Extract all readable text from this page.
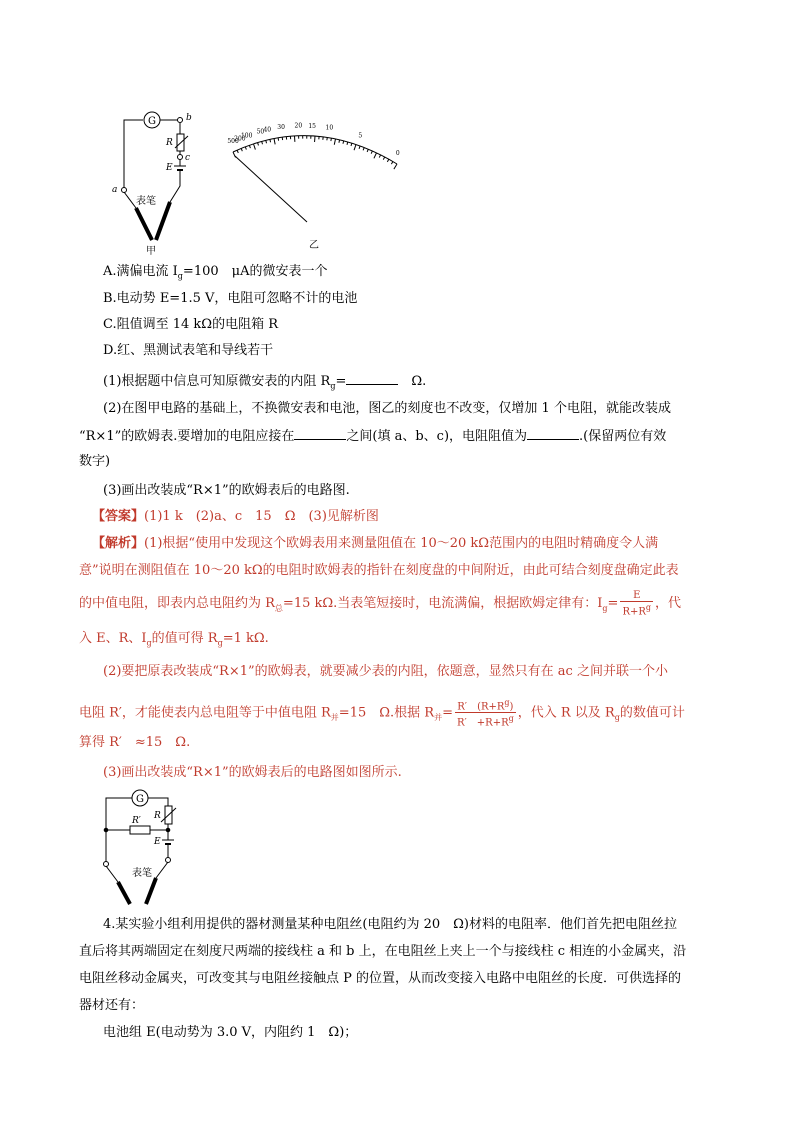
G	b
R
c
E
a
表笔
甲
500
200
100
50 40 30 20 15 10
5
0
乙
A.满偏电流 $I_g=100$　μA的微安表一个
B.电动势 E=1.5 V，电阻可忽略不计的电池
C.阻值调至 14 kΩ的电阻箱 R
D.红、黑测试表笔和导线若干
(1)根据题中信息可知原微安表的内阻 $R_g=$	　Ω.
(2)在图甲电路的基础上，不换微安表和电池，图乙的刻度也不改变，仅增加 1 个电阻，就能改装成
“R×1”的欧姆表.要增加的电阻应接在	之间(填 a、b、c)，电阻阻值为	.(保留两位有效
数字)
(3)画出改装成“R×1”的欧姆表后的电路图.
【答案】(1)1 k　(2)a、c　15　Ω　(3)见解析图
【解析】(1)根据“使用中发现这个欧姆表用来测量阻值在 10～20 kΩ范围内的电阻时精确度令人满
意”说明在测阻值在 10～20 kΩ的电阻时欧姆表的指针在刻度盘的中间附近，由此可结合刻度盘确定此表
的中值电阻，即表内总电阻约为 $R_总=15$ kΩ.当表笔短接时，电流满偏，根据欧姆定律有：$I_g= \frac{E}{R+R^g}$ ，代
入 E、R、$I_g$的值可得 $R_g=1$ kΩ.
(2)要把原表改装成“R×1”的欧姆表，就要减少表的内阻，依题意，显然只有在 ac 之间并联一个小
电阻 R′，才能使表内总电阻等于中值电阻 $R_并=15$　Ω.根据 $R_并= \frac{R' (R+R^g)}{R' +R+R^g}$ ，代入 R 以及 $R_g$的数值可计
算得 R′　≈15　Ω.
(3)画出改装成“R×1”的欧姆表后的电路图如图所示.
G
R
R′
E
表笔
4.某实验小组利用提供的器材测量某种电阻丝(电阻约为 20　Ω)材料的电阻率．他们首先把电阻丝拉
直后将其两端固定在刻度尺两端的接线柱 a 和 b 上，在电阻丝上夹上一个与接线柱 c 相连的小金属夹，沿
电阻丝移动金属夹，可改变其与电阻丝接触点 P 的位置，从而改变接入电路中电阻丝的长度．可供选择的
器材还有：
电池组 E(电动势为 3.0 V，内阻约 1　Ω)；
